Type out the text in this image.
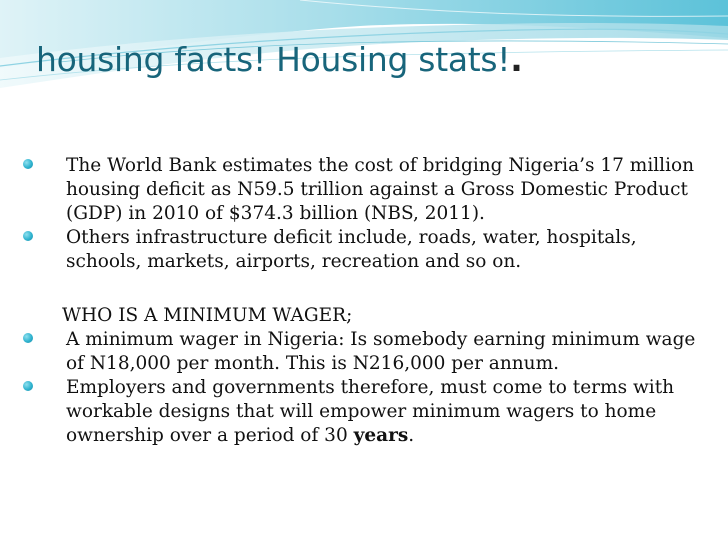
housing facts! Housing stats!.

The World Bank estimates the cost of bridging Nigeria’s 17 million housing deficit as N59.5 trillion against a Gross Domestic Product (GDP) in 2010 of $374.3 billion (NBS, 2011).

Others infrastructure deficit include, roads, water, hospitals, schools, markets, airports, recreation and so on.

WHO IS A MINIMUM WAGER;

A minimum wager in Nigeria: Is somebody earning minimum wage of N18,000 per month. This is N216,000 per annum.

Employers and governments therefore, must come to terms with workable designs that will empower minimum wagers to home ownership over a period of 30 years.
